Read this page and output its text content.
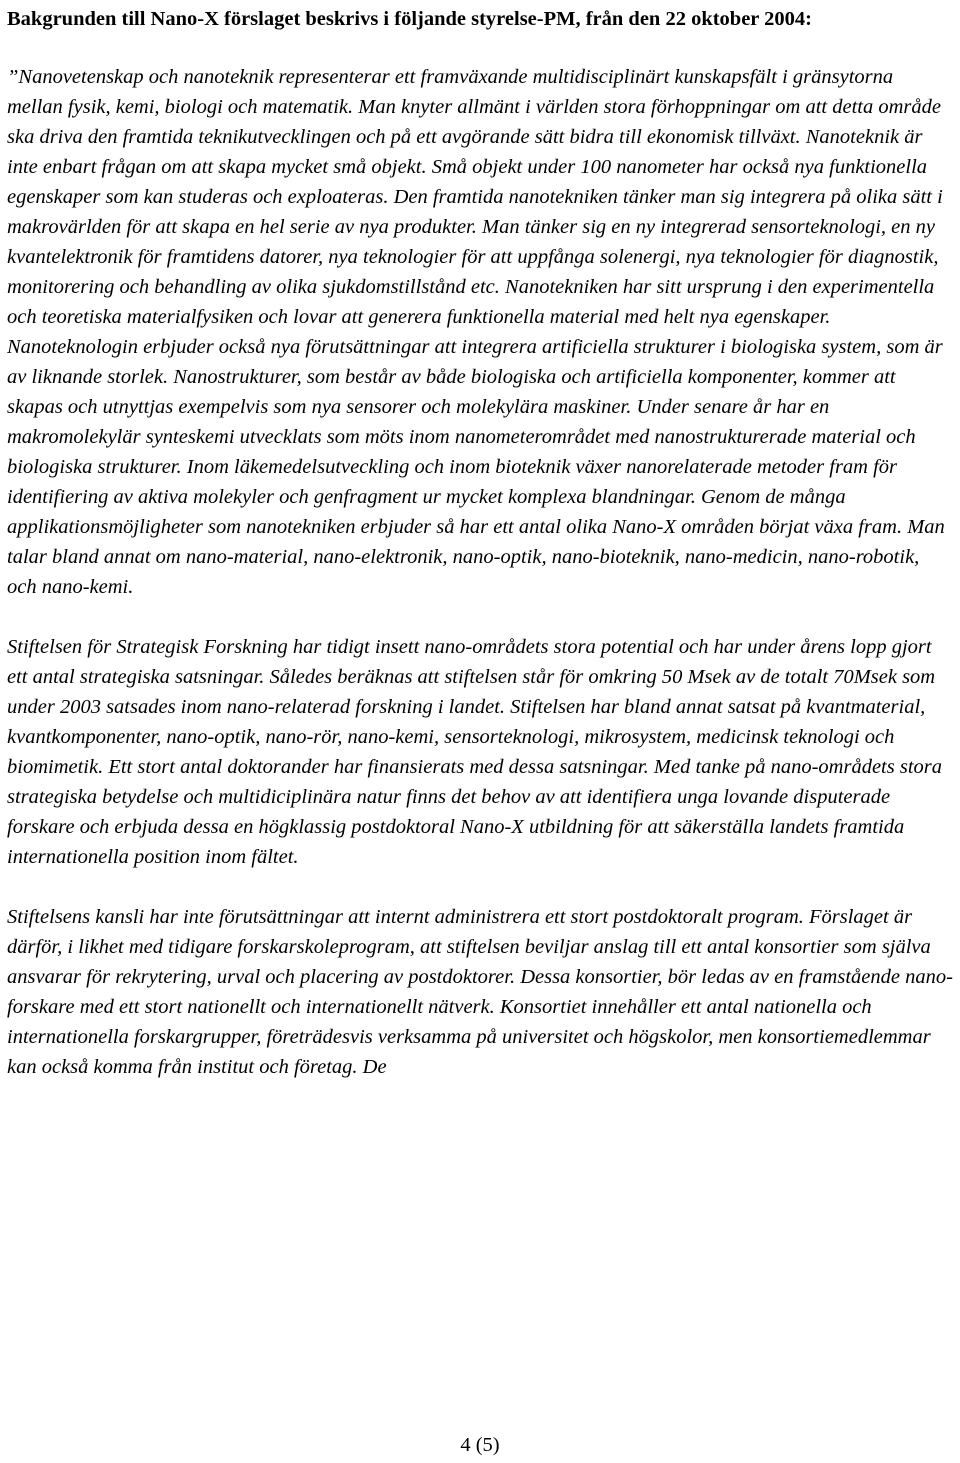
Bakgrunden till Nano-X förslaget beskrivs i följande styrelse-PM, från den 22 oktober 2004:

”Nanovetenskap och nanoteknik representerar ett framväxande multidisciplinärt kunskapsfält i gränsytorna mellan fysik, kemi, biologi och matematik. Man knyter allmänt i världen stora förhoppningar om att detta område ska driva den framtida teknikutvecklingen och på ett avgörande sätt bidra till ekonomisk tillväxt. Nanoteknik är inte enbart frågan om att skapa mycket små objekt. Små objekt under 100 nanometer har också nya funktionella egenskaper som kan studeras och exploateras. Den framtida nanotekniken tänker man sig integrera på olika sätt i makrovärlden för att skapa en hel serie av nya produkter. Man tänker sig en ny integrerad sensorteknologi, en ny kvantelektronik för framtidens datorer, nya teknologier för att uppfånga solenergi, nya teknologier för diagnostik, monitorering och behandling av olika sjukdomstillstånd etc. Nanotekniken har sitt ursprung i den experimentella och teoretiska materialfysiken och lovar att generera funktionella material med helt nya egenskaper. Nanoteknologin erbjuder också nya förutsättningar att integrera artificiella strukturer i biologiska system, som är av liknande storlek. Nanostrukturer, som består av både biologiska och artificiella komponenter, kommer att skapas och utnyttjas exempelvis som nya sensorer och molekylära maskiner. Under senare år har en makromolekylär synteskemi utvecklats som möts inom nanometerområdet med nanostrukturerade material och biologiska strukturer. Inom läkemedelsutveckling och inom bioteknik växer nanorelaterade metoder fram för identifiering av aktiva molekyler och genfragment ur mycket komplexa blandningar. Genom de många applikationsmöjligheter som nanotekniken erbjuder så har ett antal olika Nano-X områden börjat växa fram. Man talar bland annat om nano-material, nano-elektronik, nano-optik, nano-bioteknik, nano-medicin, nano-robotik, och nano-kemi.

Stiftelsen för Strategisk Forskning har tidigt insett nano-områdets stora potential och har under årens lopp gjort ett antal strategiska satsningar. Således beräknas att stiftelsen står för omkring 50 Msek av de totalt 70Msek som under 2003 satsades inom nano-relaterad forskning i landet. Stiftelsen har bland annat satsat på kvantmaterial, kvantkomponenter, nano-optik, nano-rör, nano-kemi, sensorteknologi, mikrosystem, medicinsk teknologi och biomimetik. Ett stort antal doktorander har finansierats med dessa satsningar. Med tanke på nano-områdets stora strategiska betydelse och multidiciplinära natur finns det behov av att identifiera unga lovande disputerade forskare och erbjuda dessa en högklassig postdoktoral Nano-X utbildning för att säkerställa landets framtida internationella position inom fältet.

Stiftelsens kansli har inte förutsättningar att internt administrera ett stort postdoktoralt program. Förslaget är därför, i likhet med tidigare forskarskoleprogram, att stiftelsen beviljar anslag till ett antal konsortier som själva ansvarar för rekrytering, urval och placering av postdoktorer. Dessa konsortier, bör ledas av en framstående nano-forskare med ett stort nationellt och internationellt nätverk. Konsortiet innehåller ett antal nationella och internationella forskargrupper, företrädesvis verksamma på universitet och högskolor, men konsortiemedlemmar kan också komma från institut och företag. De

4 (5)
